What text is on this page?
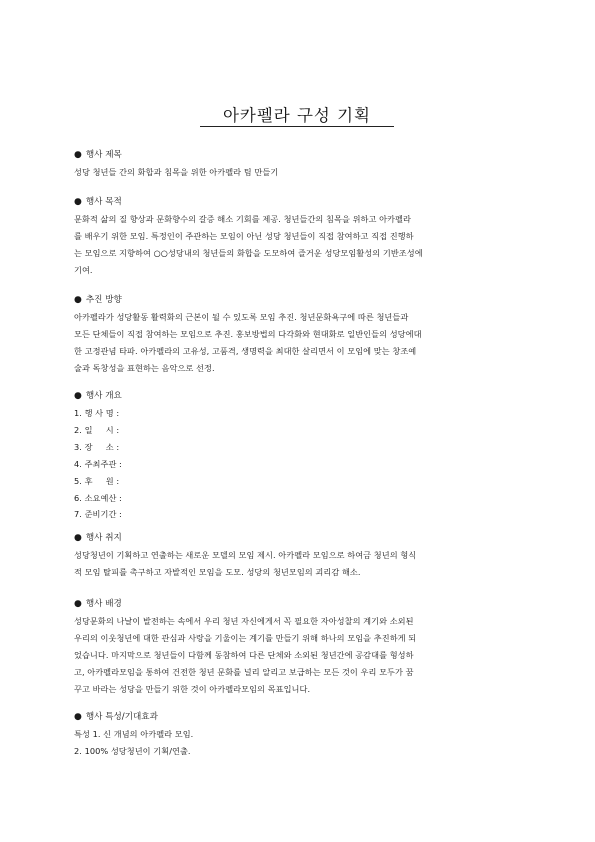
아카펠라 구성 기획
● 행사 제목
성당 청년들 간의 화합과 침목을 위한 아카펠라 팀 만들기
● 행사 목적
문화적 삶의 질 향상과 문화향수의 갈증 해소 기회를 제공. 청년들간의 침목을 위하고 아카펠라
를 배우기 위한 모임. 특정인이 주관하는 모임이 아닌 성당 청년들이 직접 참여하고 직접 진행하
는 모임으로 지향하여 ○○성당내의 청년들의 화합을 도모하여 즐거운 성당모임활성의 기반조성에
기여.
● 추진 방향
아카펠라가 성당활동 활력화의 근본이 될 수 있도록 모임 추진. 청년문화욕구에 따른 청년들과
모든 단체들이 직접 참여하는 모임으로 추진. 홍보방법의 다각화와 현대화로 일반인들의 성당에대
한 고정관념 타파. 아카펠라의 고유성, 고품격, 생명력을 최대한 살리면서 이 모임에 맞는 창조예
술과 독창성을 표현하는 음악으로 선정.
● 행사 개요
1. 행 사 명 :
2. 일     시 :
3. 장     소 :
4. 주최주관 :
5. 후     원 :
6. 소요예산 :
7. 준비기간 :
● 행사 취지
성당청년이 기획하고 연출하는 새로운 모델의 모임 제시. 아카펠라 모임으로 하여금 청년의 형식
적 모임 탈피를 촉구하고 자발적인 모임을 도모. 성당의 청년모임의 괴리감 해소.
● 행사 배경
성당문화의 나날이 발전하는 속에서 우리 청년 자신에게서 꼭 필요한 자아성찰의 계기와 소외된
우리의 이웃청년에 대한 관심과 사랑을 기울이는 계기를 만들기 위해 하나의 모임을 추진하게 되
었습니다. 마지막으로 청년들이 다함께 동참하여 다른 단체와 소외된 청년간에 공감대를 형성하
고, 아카펠라모임을 통하여 건전한 청년 문화를 널리 알리고 보급하는 모든 것이 우리 모두가 꿈
꾸고 바라는 성당을 만들기 위한 것이 아카펠라모임의 목표입니다.
● 행사 특성/기대효과
특성 1. 신 개념의 아카펠라 모임.
2. 100% 성당청년이 기획/연출.
